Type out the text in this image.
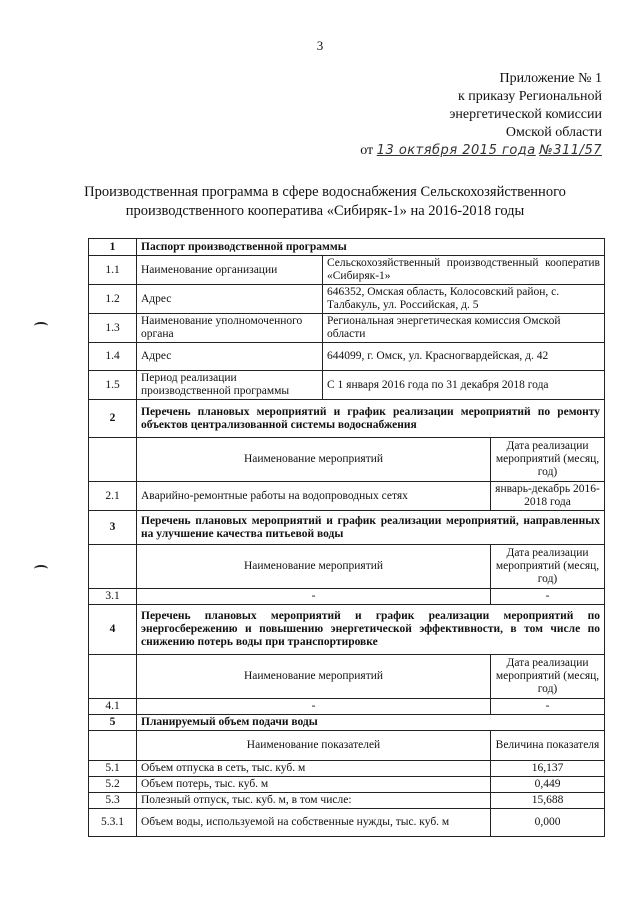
3
Приложение № 1
к приказу Региональной
энергетической комиссии
Омской области
от 13 октября 2015 года №311/57
Производственная программа в сфере водоснабжения Сельскохозяйственного
производственного кооператива «Сибиряк-1» на 2016-2018 годы
1	Паспорт производственной программы		
1.1	Наименование организации	Сельскохозяйственный производственный кооператив «Сибиряк-1»	
1.2	Адрес	646352, Омская область, Колосовский район, с. Талбакуль, ул. Российская, д. 5	
1.3	Наименование уполномоченного органа	Региональная энергетическая комиссия Омской области	
1.4	Адрес	644099, г. Омск, ул. Красногвардейская, д. 42	
1.5	Период реализации производственной программы	С 1 января 2016 года по 31 декабря 2018 года	
2	Перечень плановых мероприятий и график реализации мероприятий по ремонту объектов централизованной системы водоснабжения		
	Наименование мероприятий		Дата реализации мероприятий (месяц, год)
2.1	Аварийно-ремонтные работы на водопроводных сетях		январь-декабрь 2016-2018 года
3	Перечень плановых мероприятий и график реализации мероприятий, направленных на улучшение качества питьевой воды		
	Наименование мероприятий		Дата реализации мероприятий (месяц, год)
3.1	-		-
4	Перечень плановых мероприятий и график реализации мероприятий по энергосбережению и повышению энергетической эффективности, в том числе по снижению потерь воды при транспортировке		
	Наименование мероприятий		Дата реализации мероприятий (месяц, год)
4.1	-		-
5	Планируемый объем подачи воды		
	Наименование показателей		Величина показателя
5.1	Объем отпуска в сеть, тыс. куб. м		16,137
5.2	Объем потерь, тыс. куб. м		0,449
5.3	Полезный отпуск, тыс. куб. м, в том числе:		15,688
5.3.1	Объем воды, используемой на собственные нужды, тыс. куб. м		0,000
